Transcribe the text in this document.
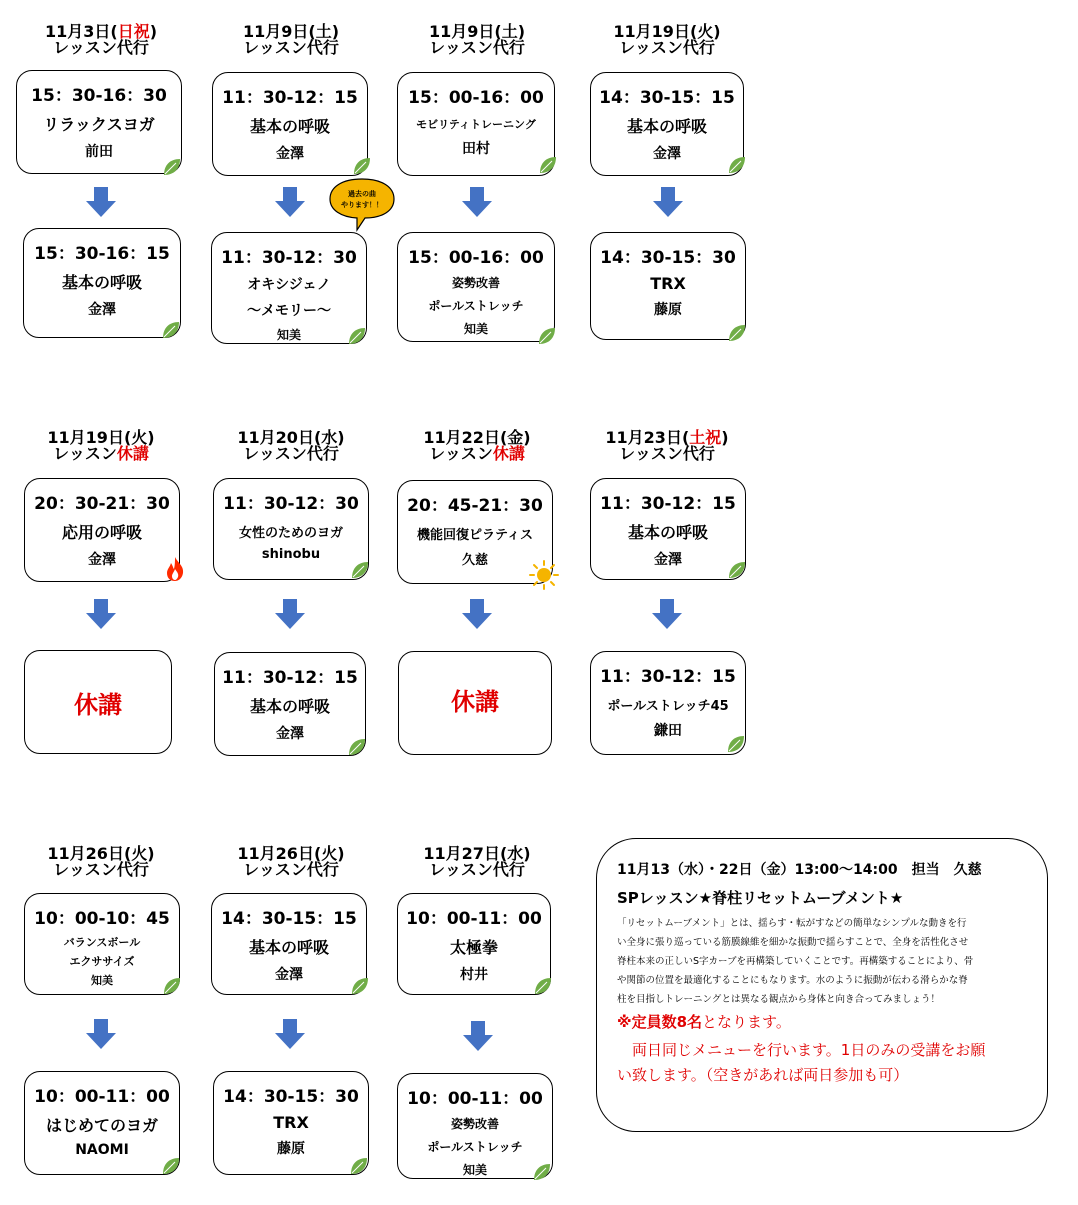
11月3日(日祝)
レッスン代行
11月9日(土)
レッスン代行
11月9日(土)
レッスン代行
11月19日(火)
レッスン代行
15：30-16：30
リラックスヨガ
前田
11：30-12：15
基本の呼吸
金澤
15：00-16：00
モビリティトレーニング
田村
14：30-15：15
基本の呼吸
金澤
15：30-16：15
基本の呼吸
金澤
11：30-12：30
オキシジェノ
～メモリー～
知美
15：00-16：00
姿勢改善
ポールストレッチ
知美
14：30-15：30
TRX
藤原
過去の曲
やります！！
11月19日(火)
レッスン休講
11月20日(水)
レッスン代行
11月22日(金)
レッスン休講
11月23日(土祝)
レッスン代行
20：30-21：30
応用の呼吸
金澤
11：30-12：30
女性のためのヨガ
shinobu
20：45-21：30
機能回復ピラティス
久慈
11：30-12：15
基本の呼吸
金澤
休講
11：30-12：15
基本の呼吸
金澤
休講
11：30-12：15
ポールストレッチ45
鎌田
11月26日(火)
レッスン代行
11月26日(火)
レッスン代行
11月27日(水)
レッスン代行
10：00-10：45
バランスボール
エクササイズ
知美
14：30-15：15
基本の呼吸
金澤
10：00-11：00
太極拳
村井
10：00-11：00
はじめてのヨガ
NAOMI
14：30-15：30
TRX
藤原
10：00-11：00
姿勢改善
ポールストレッチ
知美
11月13（水）・22日（金）13:00～14:00　担当　久慈
SPレッスン★脊柱リセットムーブメント★
「リセットムーブメント」とは、揺らす・転がすなどの簡単なシンプルな動きを行
い全身に張り巡っている筋膜線維を細かな振動で揺らすことで、全身を活性化させ
脊柱本来の正しいS字カーブを再構築していくことです。再構築することにより、骨
や関節の位置を最適化することにもなります。水のように振動が伝わる滑らかな脊
柱を目指しトレーニングとは異なる観点から身体と向き合ってみましょう！
※定員数8名となります。
　両日同じメニューを行います。1日のみの受講をお願
い致します。（空きがあれば両日参加も可）
